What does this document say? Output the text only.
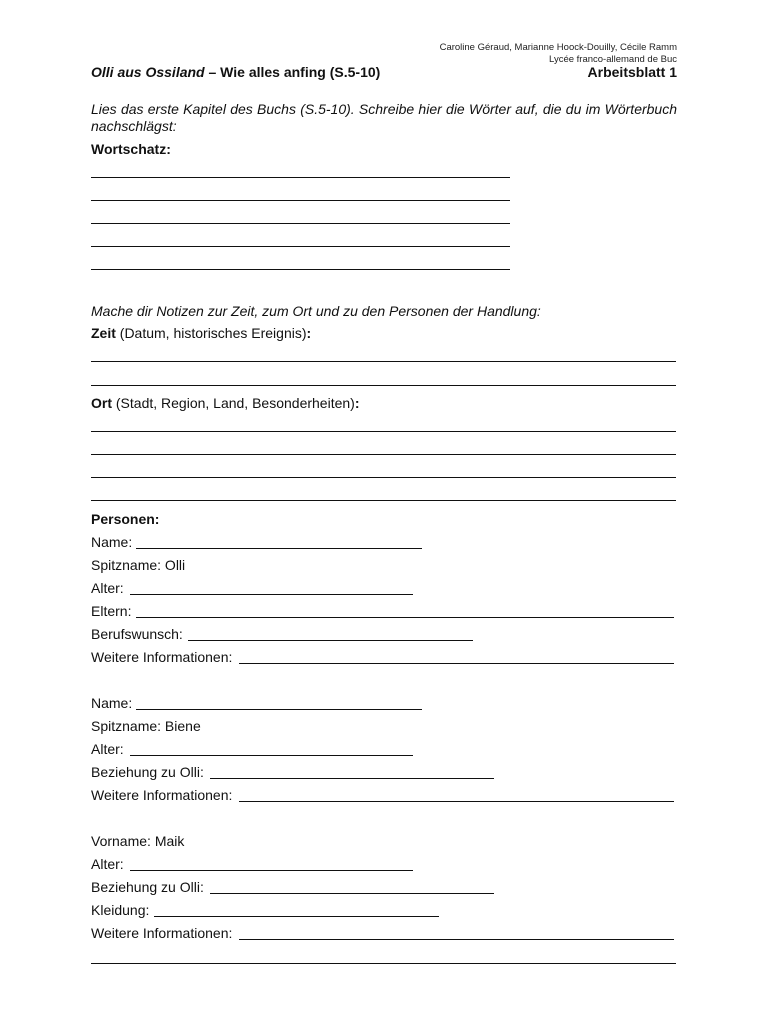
Caroline Géraud, Marianne Hoock-Douilly, Cécile Ramm
Lycée franco-allemand de Buc
Olli aus Ossiland – Wie alles anfing (S.5-10)	Arbeitsblatt 1
Lies das erste Kapitel des Buchs (S.5-10). Schreibe hier die Wörter auf, die du im Wörterbuch nachschlägst:
Wortschatz:
Mache dir Notizen zur Zeit, zum Ort und zu den Personen der Handlung:
Zeit (Datum, historisches Ereignis):
Ort (Stadt, Region, Land, Besonderheiten):
Personen:
Name:
Spitzname: Olli
Alter:
Eltern:
Berufswunsch:
Weitere Informationen:
Name:
Spitzname: Biene
Alter:
Beziehung zu Olli:
Weitere Informationen:
Vorname: Maik
Alter:
Beziehung zu Olli:
Kleidung:
Weitere Informationen:
